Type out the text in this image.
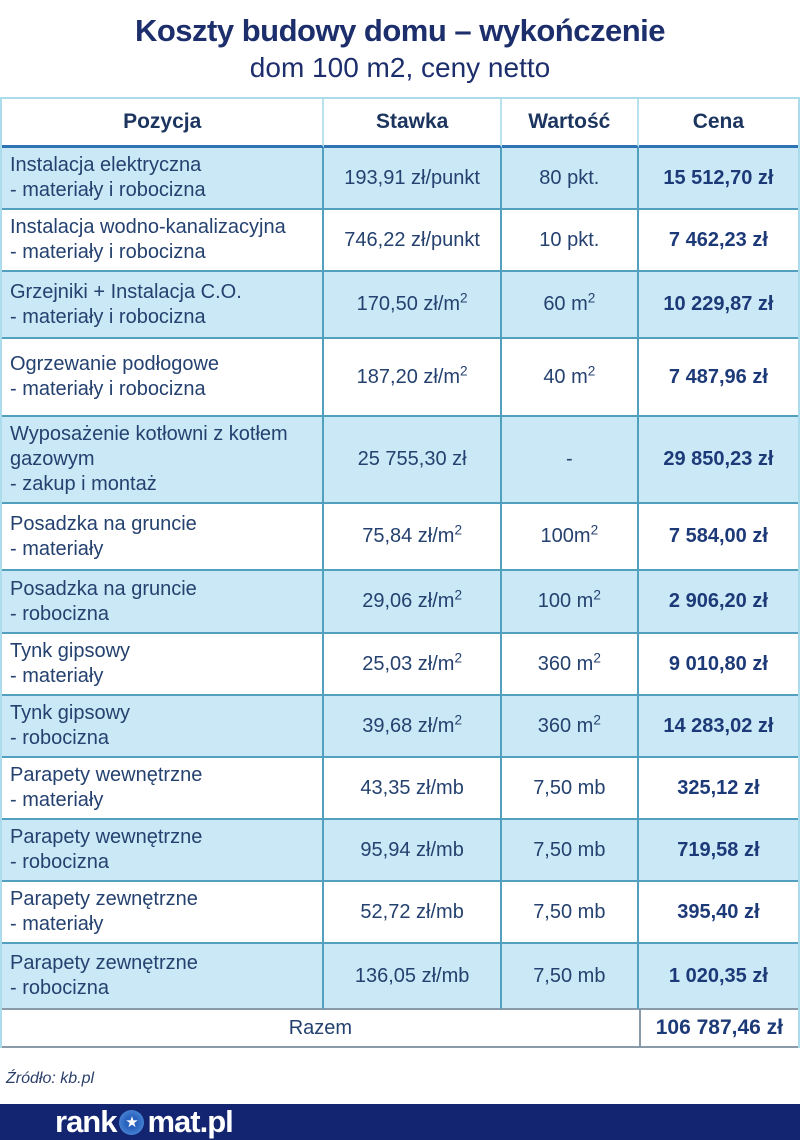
Koszty budowy domu – wykończenie

dom 100 m2, ceny netto

Pozycja	Stawka	Wartość	Cena
Instalacja elektryczna
- materiały i robocizna	193,91 zł/punkt	80 pkt.	15 512,70 zł
Instalacja wodno-kanalizacyjna
- materiały i robocizna	746,22 zł/punkt	10 pkt.	7 462,23 zł
Grzejniki + Instalacja C.O.
- materiały i robocizna	170,50 $zł/m^2$	60 $m^2$	10 229,87 zł
Ogrzewanie podłogowe
- materiały i robocizna	187,20 $zł/m^2$	40 $m^2$	7 487,96 zł
Wyposażenie kotłowni z kotłem gazowym
- zakup i montaż	25 755,30 zł	-	29 850,23 zł
Posadzka na gruncie
- materiały	75,84 $zł/m^2$	$100m^2$	7 584,00 zł
Posadzka na gruncie
- robocizna	29,06 $zł/m^2$	100 $m^2$	2 906,20 zł
Tynk gipsowy
- materiały	25,03 $zł/m^2$	360 $m^2$	9 010,80 zł
Tynk gipsowy
- robocizna	39,68 $zł/m^2$	360 $m^2$	14 283,02 zł
Parapety wewnętrzne
- materiały	43,35 zł/mb	7,50 mb	325,12 zł
Parapety wewnętrzne
- robocizna	95,94 zł/mb	7,50 mb	719,58 zł
Parapety zewnętrzne
- materiały	52,72 zł/mb	7,50 mb	395,40 zł
Parapety zewnętrzne
- robocizna	136,05 zł/mb	7,50 mb	1 020,35 zł
Razem			106 787,46 zł

Źródło: kb.pl

rank ★ mat.pl
